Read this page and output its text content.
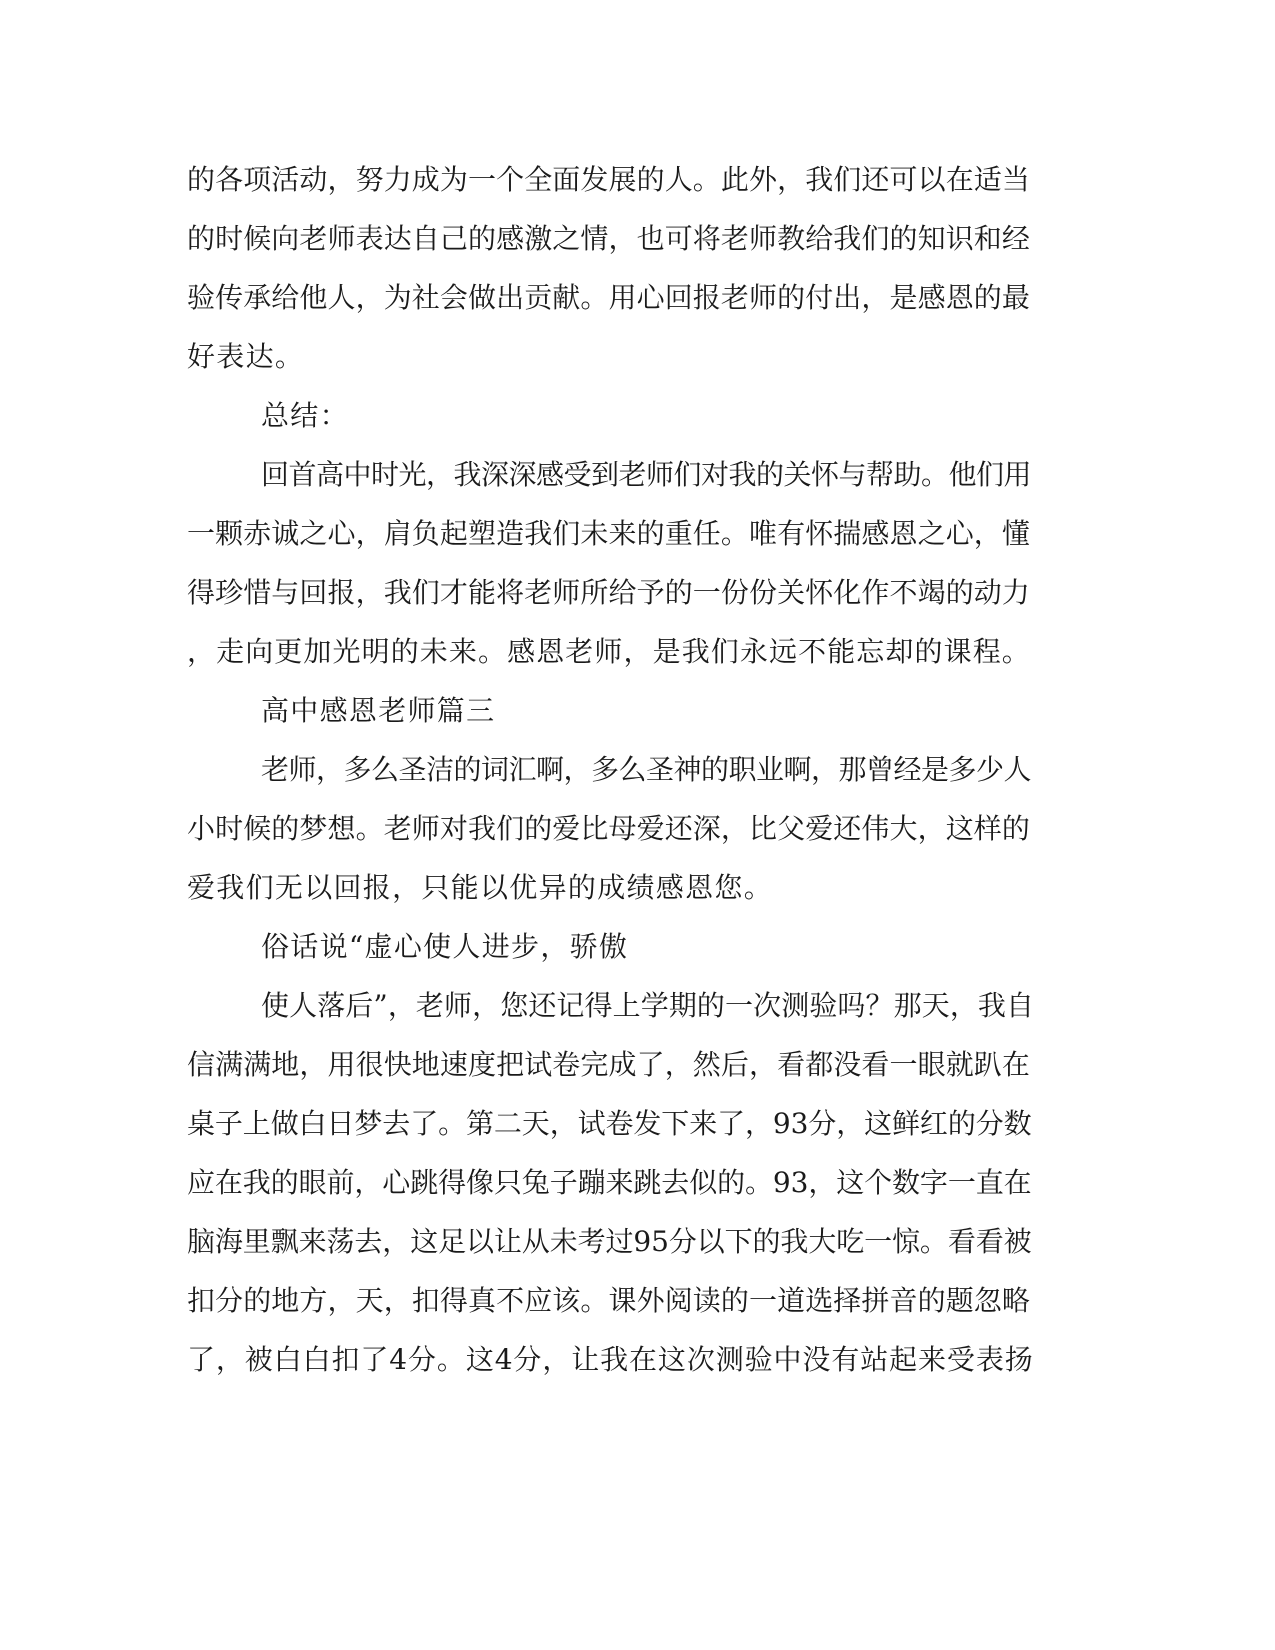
的各项活动，努力成为一个全面发展的人。此外，我们还可以在适当
的时候向老师表达自己的感激之情，也可将老师教给我们的知识和经
验传承给他人，为社会做出贡献。用心回报老师的付出，是感恩的最
好表达。
总结：
回首高中时光，我深深感受到老师们对我的关怀与帮助。他们用
一颗赤诚之心，肩负起塑造我们未来的重任。唯有怀揣感恩之心，懂
得珍惜与回报，我们才能将老师所给予的一份份关怀化作不竭的动力
，走向更加光明的未来。感恩老师，是我们永远不能忘却的课程。
高中感恩老师篇三
老师，多么圣洁的词汇啊，多么圣神的职业啊，那曾经是多少人
小时候的梦想。老师对我们的爱比母爱还深，比父爱还伟大，这样的
爱我们无以回报，只能以优异的成绩感恩您。
俗话说“虚心使人进步，骄傲
使人落后”，老师，您还记得上学期的一次测验吗？那天，我自
信满满地，用很快地速度把试卷完成了，然后，看都没看一眼就趴在
桌子上做白日梦去了。第二天，试卷发下来了，93分，这鲜红的分数
应在我的眼前，心跳得像只兔子蹦来跳去似的。93，这个数字一直在
脑海里飘来荡去，这足以让从未考过95分以下的我大吃一惊。看看被
扣分的地方，天，扣得真不应该。课外阅读的一道选择拼音的题忽略
了，被白白扣了4分。这4分，让我在这次测验中没有站起来受表扬
